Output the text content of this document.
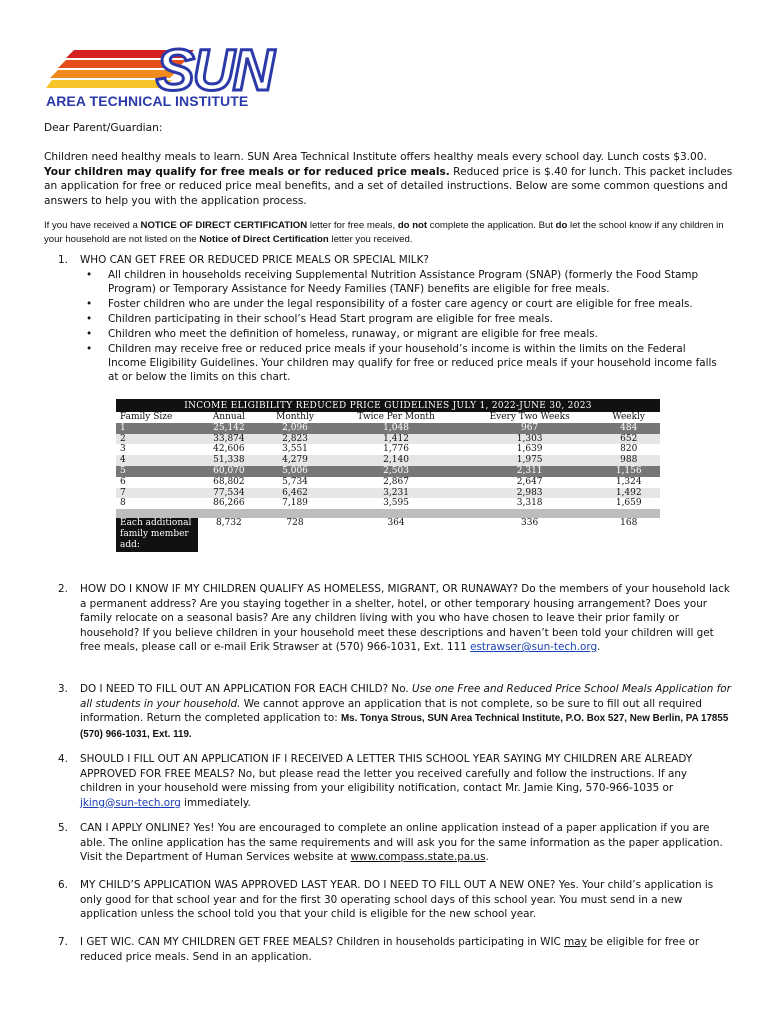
SUN
AREA TECHNICAL INSTITUTE
Dear Parent/Guardian:
Children need healthy meals to learn. SUN Area Technical Institute offers healthy meals every school day. Lunch costs $3.00. Your children may qualify for free meals or for reduced price meals. Reduced price is $.40 for lunch. This packet includes an application for free or reduced price meal benefits, and a set of detailed instructions. Below are some common questions and answers to help you with the application process.
If you have received a NOTICE OF DIRECT CERTIFICATION letter for free meals, do not complete the application. But do let the school know if any children in your household are not listed on the Notice of Direct Certification letter you received.
1. WHO CAN GET FREE OR REDUCED PRICE MEALS OR SPECIAL MILK?
• All children in households receiving Supplemental Nutrition Assistance Program (SNAP) (formerly the Food Stamp Program) or Temporary Assistance for Needy Families (TANF) benefits are eligible for free meals.
• Foster children who are under the legal responsibility of a foster care agency or court are eligible for free meals.
• Children participating in their school’s Head Start program are eligible for free meals.
• Children who meet the definition of homeless, runaway, or migrant are eligible for free meals.
• Children may receive free or reduced price meals if your household’s income is within the limits on the Federal Income Eligibility Guidelines. Your children may qualify for free or reduced price meals if your household income falls at or below the limits on this chart.
INCOME ELIGIBILITY REDUCED PRICE GUIDELINES JULY 1, 2022-JUNE 30, 2023					
Family Size	Annual	Monthly	Twice Per Month	Every Two Weeks	Weekly
1	25,142	2,096	1,048	967	484
2	33,874	2,823	1,412	1,303	652
3	42,606	3,551	1,776	1,639	820
4	51,338	4,279	2,140	1,975	988
5	60,070	5,006	2,503	2,311	1,156
6	68,802	5,734	2,867	2,647	1,324
7	77,534	6,462	3,231	2,983	1,492
8	86,266	7,189	3,595	3,318	1,659

Each additional family member add:	8,732	728	364	336	168
2. HOW DO I KNOW IF MY CHILDREN QUALIFY AS HOMELESS, MIGRANT, OR RUNAWAY? Do the members of your household lack a permanent address? Are you staying together in a shelter, hotel, or other temporary housing arrangement? Does your family relocate on a seasonal basis? Are any children living with you who have chosen to leave their prior family or household? If you believe children in your household meet these descriptions and haven’t been told your children will get free meals, please call or e-mail Erik Strawser at (570) 966-1031, Ext. 111 estrawser@sun-tech.org.
3. DO I NEED TO FILL OUT AN APPLICATION FOR EACH CHILD? No. Use one Free and Reduced Price School Meals Application for all students in your household. We cannot approve an application that is not complete, so be sure to fill out all required information. Return the completed application to: Ms. Tonya Strous, SUN Area Technical Institute, P.O. Box 527, New Berlin, PA 17855 (570) 966-1031, Ext. 119.
4. SHOULD I FILL OUT AN APPLICATION IF I RECEIVED A LETTER THIS SCHOOL YEAR SAYING MY CHILDREN ARE ALREADY APPROVED FOR FREE MEALS? No, but please read the letter you received carefully and follow the instructions. If any children in your household were missing from your eligibility notification, contact Mr. Jamie King, 570-966-1035 or jking@sun-tech.org immediately.
5. CAN I APPLY ONLINE? Yes! You are encouraged to complete an online application instead of a paper application if you are able. The online application has the same requirements and will ask you for the same information as the paper application. Visit the Department of Human Services website at www.compass.state.pa.us.
6. MY CHILD’S APPLICATION WAS APPROVED LAST YEAR. DO I NEED TO FILL OUT A NEW ONE? Yes. Your child’s application is only good for that school year and for the first 30 operating school days of this school year. You must send in a new application unless the school told you that your child is eligible for the new school year.
7. I GET WIC. CAN MY CHILDREN GET FREE MEALS? Children in households participating in WIC may be eligible for free or reduced price meals. Send in an application.
